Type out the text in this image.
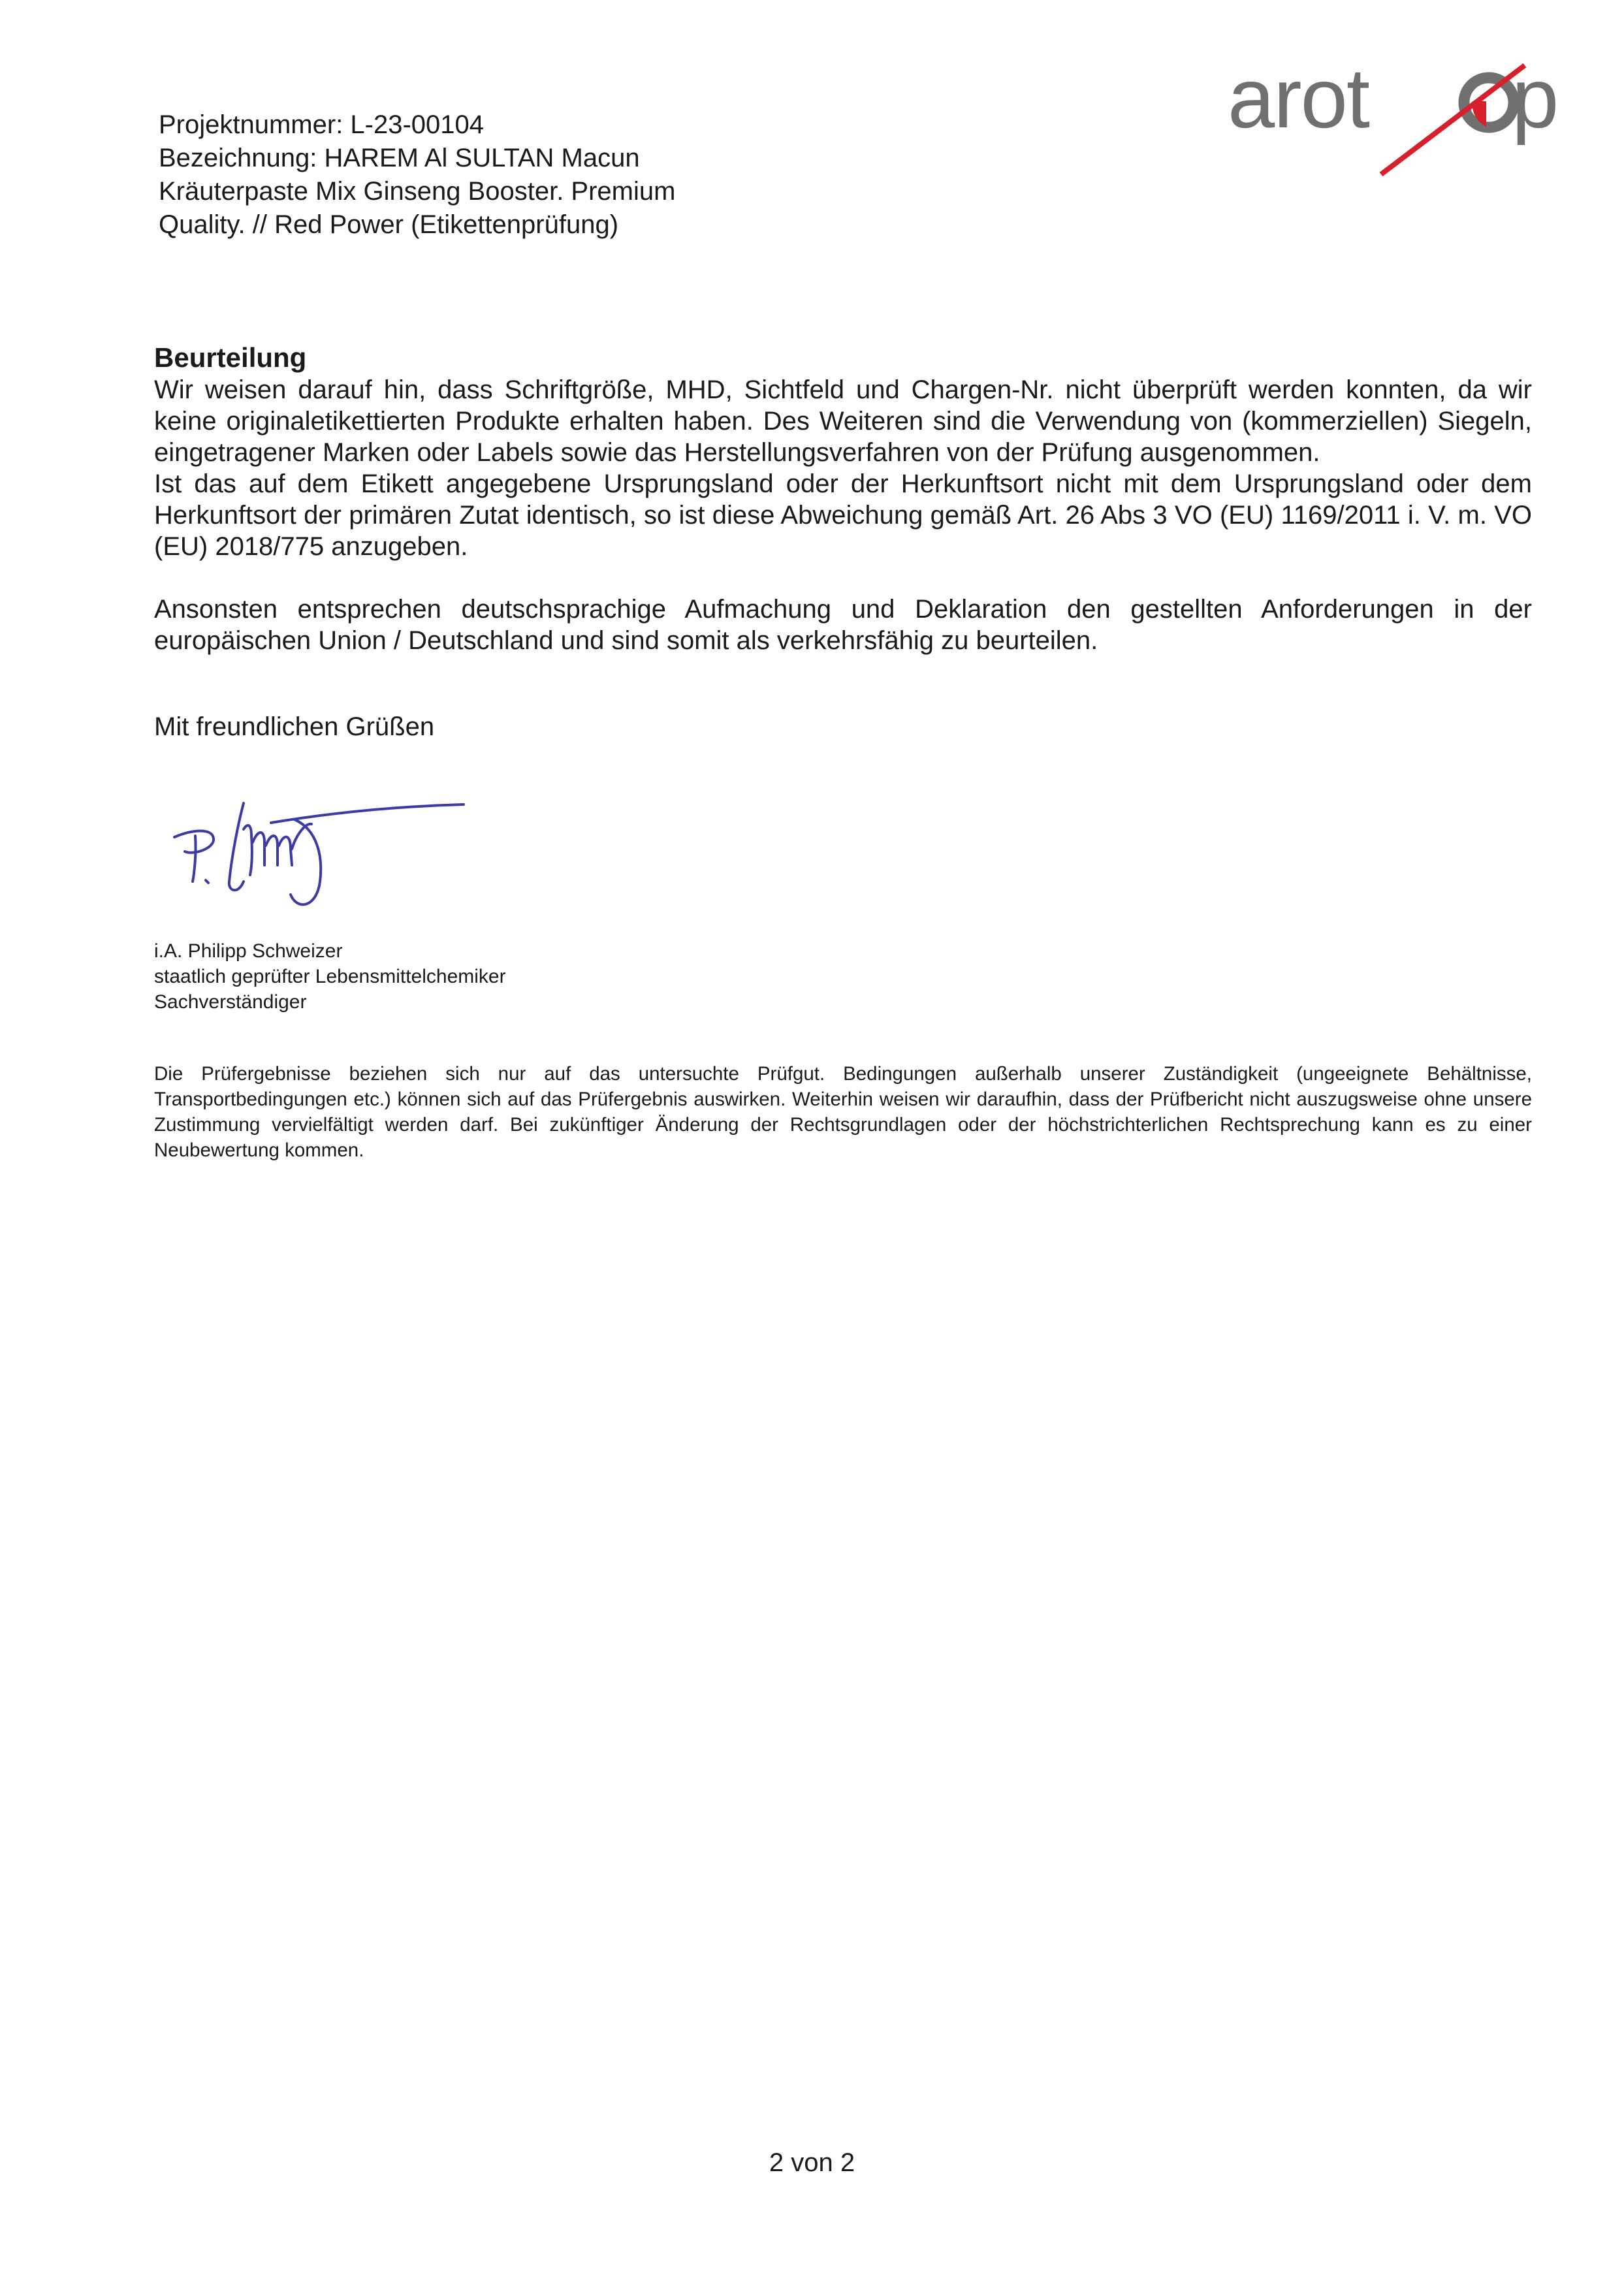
Projektnummer: L-23-00104
Bezeichnung: HAREM Al SULTAN Macun
Kräuterpaste Mix Ginseng Booster. Premium
Quality. // Red Power (Etikettenprüfung)
arot p
Beurteilung

Wir weisen darauf hin, dass Schriftgröße, MHD, Sichtfeld und Chargen-Nr. nicht überprüft werden konnten, da wir keine originaletikettierten Produkte erhalten haben. Des Weiteren sind die Verwendung von (kommerziellen) Siegeln, eingetragener Marken oder Labels sowie das Herstellungsverfahren von der Prüfung ausgenommen.

Ist das auf dem Etikett angegebene Ursprungsland oder der Herkunftsort nicht mit dem Ursprungsland oder dem Herkunftsort der primären Zutat identisch, so ist diese Abweichung gemäß Art. 26 Abs 3 VO (EU) 1169/2011 i. V. m. VO (EU) 2018/775 anzugeben.

Ansonsten entsprechen deutschsprachige Aufmachung und Deklaration den gestellten Anforderungen in der europäischen Union / Deutschland und sind somit als verkehrsfähig zu beurteilen.

Mit freundlichen Grüßen
i.A. Philipp Schweizer
staatlich geprüfter Lebensmittelchemiker
Sachverständiger
Die Prüfergebnisse beziehen sich nur auf das untersuchte Prüfgut. Bedingungen außerhalb unserer Zuständigkeit (ungeeignete Behältnisse, Transportbedingungen etc.) können sich auf das Prüfergebnis auswirken. Weiterhin weisen wir daraufhin, dass der Prüfbericht nicht auszugsweise ohne unsere Zustimmung vervielfältigt werden darf. Bei zukünftiger Änderung der Rechtsgrundlagen oder der höchstrichterlichen Rechtsprechung kann es zu einer Neubewertung kommen.
2 von 2
